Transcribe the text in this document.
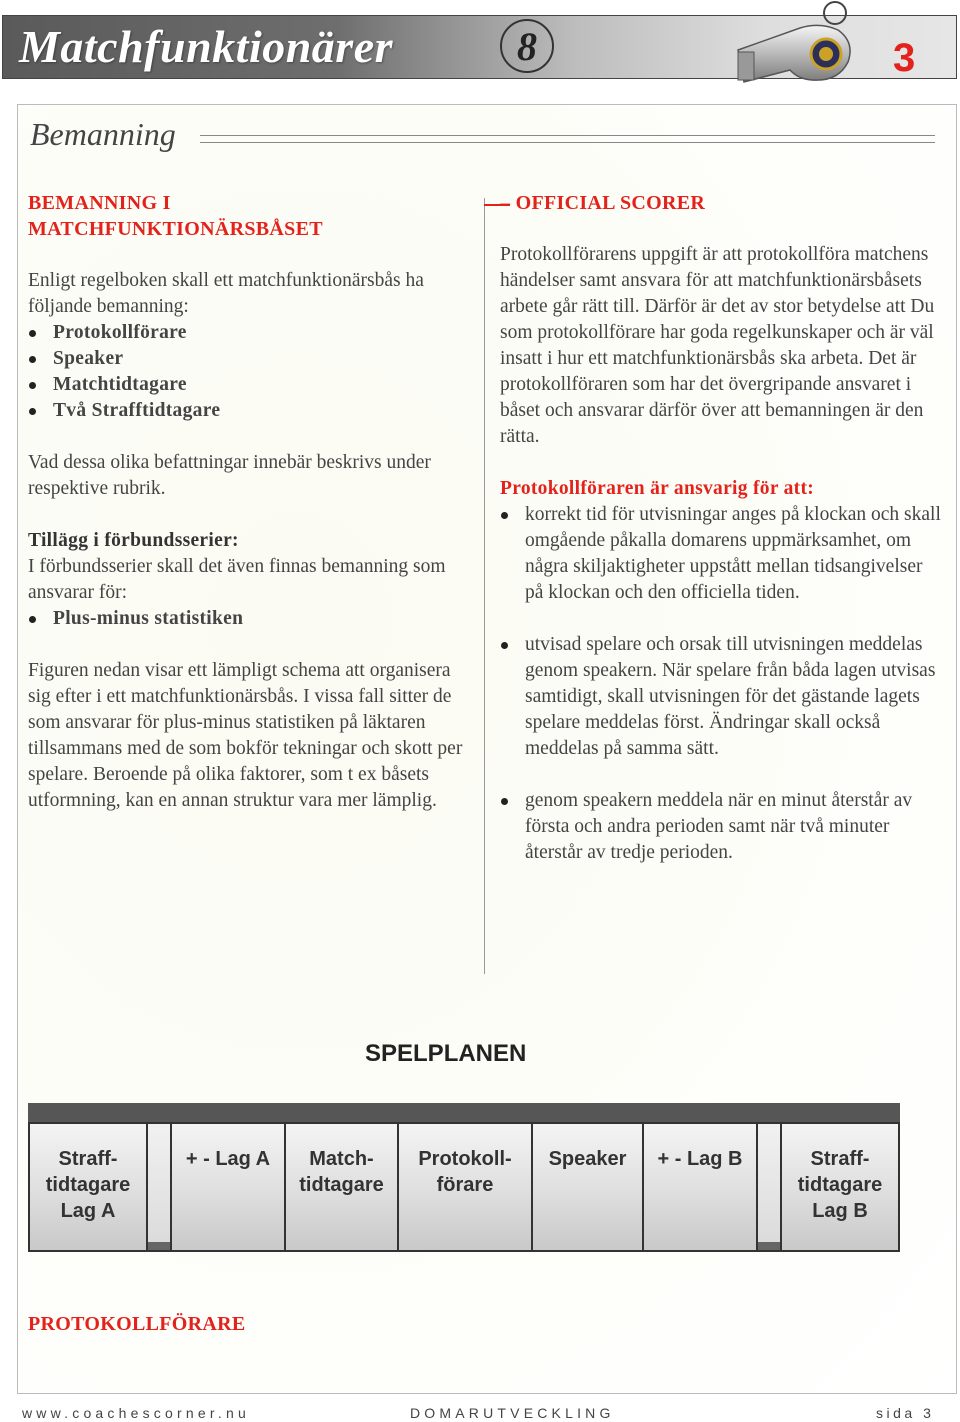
Matchfunktionärer	8	3
Bemanning

BEMANNING I

MATCHFUNKTIONÄRSBÅSET

Enligt regelboken skall ett matchfunktionärsbås ha följande bemanning:

Protokollförare
Speaker
Matchtidtagare
Två Strafftidtagare

Vad dessa olika befattningar innebär beskrivs under respektive rubrik.

Tillägg i förbundsserier:

I förbundsserier skall det även finnas bemanning som ansvarar för:

Plus-minus statistiken

Figuren nedan visar ett lämpligt schema att organisera sig efter i ett matchfunktionärsbås. I vissa fall sitter de som ansvarar för plus-minus statistiken på läktaren tillsammans med de som bokför tekningar och skott per spelare. Beroende på olika faktorer, som t ex båsets utformning, kan en annan struktur vara mer lämplig.

– OFFICIAL SCORER

Protokollförarens uppgift är att protokollföra matchens händelser samt ansvara för att matchfunktionärsbåsets arbete går rätt till. Därför är det av stor betydelse att Du som protokollförare har goda regelkunskaper och är väl insatt i hur ett matchfunktionärsbås ska arbeta. Det är protokollföraren som har det övergripande ansvaret i båset och ansvarar därför över att bemanningen är den rätta.

Protokollföraren är ansvarig för att:

korrekt tid för utvisningar anges på klockan och skall omgående påkalla domarens uppmärksamhet, om några skiljaktigheter uppstått mellan tidsangivelser på klockan och den officiella tiden.
utvisad spelare och orsak till utvisningen meddelas genom speakern. När spelare från båda lagen utvisas samtidigt, skall utvisningen för det gästande lagets spelare meddelas först. Ändringar skall också meddelas på samma sätt.
genom speakern meddela när en minut återstår av första och andra perioden samt när två minuter återstår av tredje perioden.
SPELPLANEN
Straff-
tidtagare
Lag A
+ - Lag A	Match-
tidtagare
Protokoll-
förare
Speaker	+ - Lag B	Straff-
tidtagare
Lag B

PROTOKOLLFÖRARE

www.coachescorner.nu	DOMARUTVECKLING	sida 3
